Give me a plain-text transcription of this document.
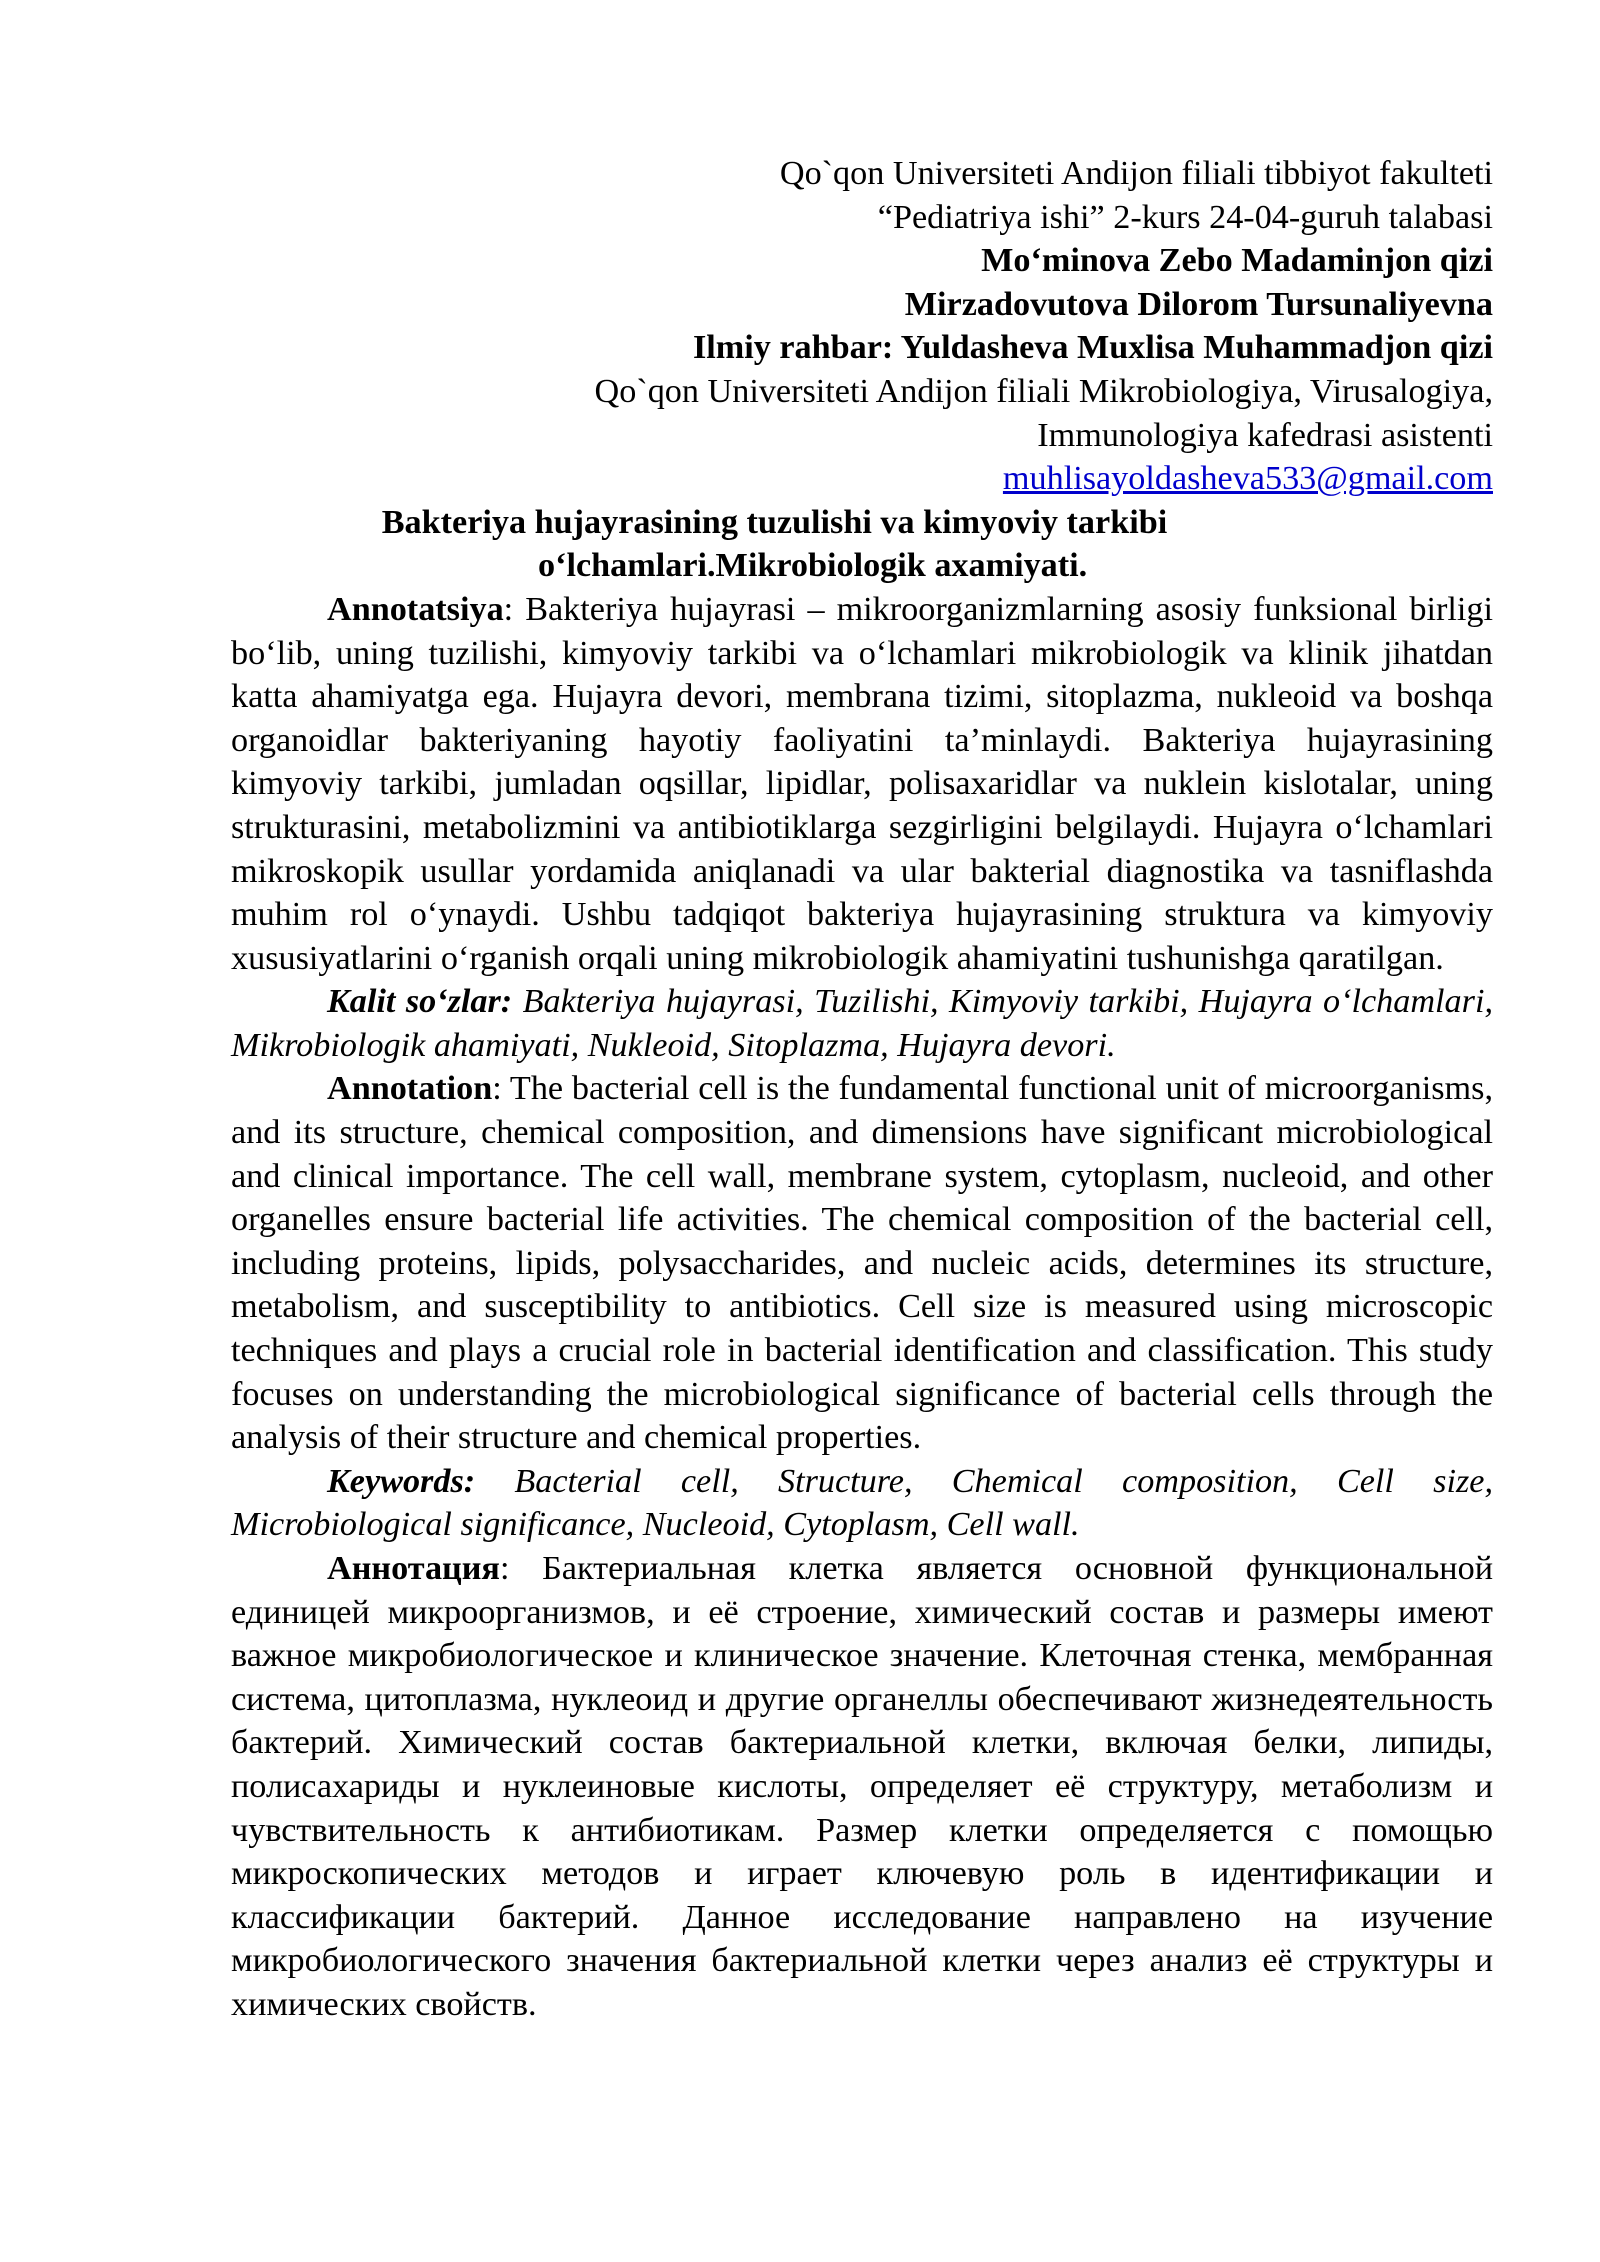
Qo`qon Universiteti Andijon filiali tibbiyot fakulteti

“Pediatriya ishi” 2-kurs 24-04-guruh talabasi

Mo‘minova Zebo Madaminjon qizi

Mirzadovutova Dilorom Tursunaliyevna

Ilmiy rahbar: Yuldasheva Muxlisa Muhammadjon qizi

Qo`qon Universiteti Andijon filiali Mikrobiologiya, Virusalogiya,

Immunologiya kafedrasi asistenti

muhlisayoldasheva533@gmail.com

Bakteriya hujayrasining tuzulishi va kimyoviy tarkibi

o‘lchamlari.Mikrobiologik axamiyati.

Annotatsiya: Bakteriya hujayrasi – mikroorganizmlarning asosiy funksional birligi bo‘lib, uning tuzilishi, kimyoviy tarkibi va o‘lchamlari mikrobiologik va klinik jihatdan katta ahamiyatga ega. Hujayra devori, membrana tizimi, sitoplazma, nukleoid va boshqa organoidlar bakteriyaning hayotiy faoliyatini ta’minlaydi. Bakteriya hujayrasining kimyoviy tarkibi, jumladan oqsillar, lipidlar, polisaxaridlar va nuklein kislotalar, uning strukturasini, metabolizmini va antibiotiklarga sezgirligini belgilaydi. Hujayra o‘lchamlari mikroskopik usullar yordamida aniqlanadi va ular bakterial diagnostika va tasniflashda muhim rol o‘ynaydi. Ushbu tadqiqot bakteriya hujayrasining struktura va kimyoviy xususiyatlarini o‘rganish orqali uning mikrobiologik ahamiyatini tushunishga qaratilgan.

Kalit so‘zlar: Bakteriya hujayrasi, Tuzilishi, Kimyoviy tarkibi, Hujayra o‘lchamlari, Mikrobiologik ahamiyati, Nukleoid, Sitoplazma, Hujayra devori.

Annotation: The bacterial cell is the fundamental functional unit of microorganisms, and its structure, chemical composition, and dimensions have significant microbiological and clinical importance. The cell wall, membrane system, cytoplasm, nucleoid, and other organelles ensure bacterial life activities. The chemical composition of the bacterial cell, including proteins, lipids, polysaccharides, and nucleic acids, determines its structure, metabolism, and susceptibility to antibiotics. Cell size is measured using microscopic techniques and plays a crucial role in bacterial identification and classification. This study focuses on understanding the microbiological significance of bacterial cells through the analysis of their structure and chemical properties.

Keywords: Bacterial cell, Structure, Chemical composition, Cell size, Microbiological significance, Nucleoid, Cytoplasm, Cell wall.

Аннотация: Бактериальная клетка является основной функциональной единицей микроорганизмов, и её строение, химический состав и размеры имеют важное микробиологическое и клиническое значение. Клеточная стенка, мембранная система, цитоплазма, нуклеоид и другие органеллы обеспечивают жизнедеятельность бактерий. Химический состав бактериальной клетки, включая белки, липиды, полисахариды и нуклеиновые кислоты, определяет её структуру, метаболизм и чувствительность к антибиотикам. Размер клетки определяется с помощью микроскопических методов и играет ключевую роль в идентификации и классификации бактерий. Данное исследование направлено на изучение микробиологического значения бактериальной клетки через анализ её структуры и химических свойств.
